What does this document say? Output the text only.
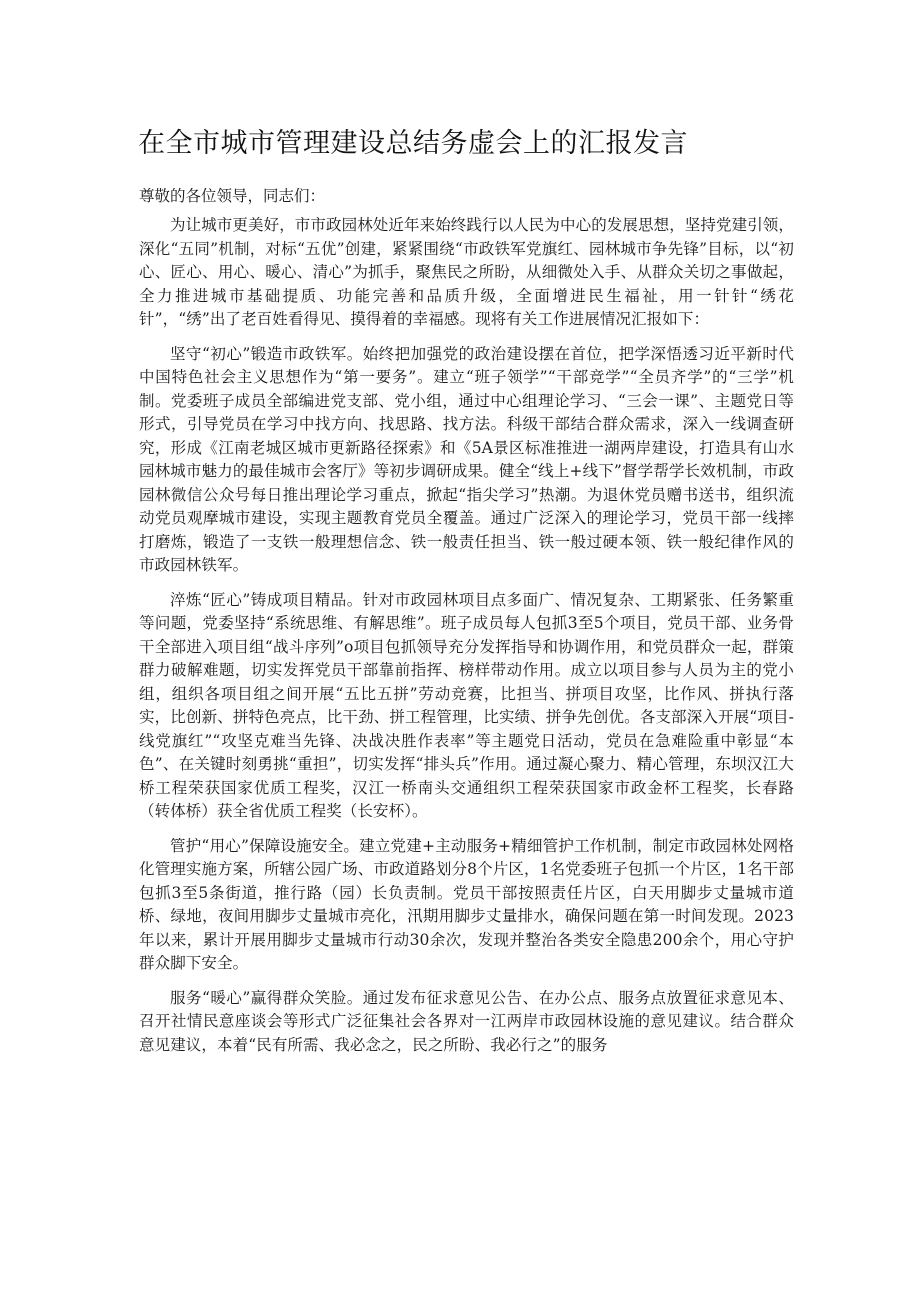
在全市城市管理建设总结务虚会上的汇报发言
尊敬的各位领导，同志们：

为让城市更美好，市市政园林处近年来始终践行以人民为中心的发展思想，坚持党建引领，深化“五同”机制，对标“五优”创建，紧紧围绕“市政铁军党旗红、园林城市争先锋”目标，以“初心、匠心、用心、暖心、清心”为抓手，聚焦民之所盼，从细微处入手、从群众关切之事做起，全力推进城市基础提质、功能完善和品质升级，全面增进民生福祉，用一针针“绣花针”，“绣”出了老百姓看得见、摸得着的幸福感。现将有关工作进展情况汇报如下：

坚守“初心”锻造市政铁军。始终把加强党的政治建设摆在首位，把学深悟透习近平新时代中国特色社会主义思想作为“第一要务”。建立“班子领学”“干部竞学”“全员齐学”的“三学”机制。党委班子成员全部编进党支部、党小组，通过中心组理论学习、“三会一课”、主题党日等形式，引导党员在学习中找方向、找思路、找方法。科级干部结合群众需求，深入一线调查研究，形成《江南老城区城市更新路径探索》和《5A景区标准推进一湖两岸建设，打造具有山水园林城市魅力的最佳城市会客厅》等初步调研成果。健全“线上+线下”督学帮学长效机制，市政园林微信公众号每日推出理论学习重点，掀起“指尖学习”热潮。为退休党员赠书送书，组织流动党员观摩城市建设，实现主题教育党员全覆盖。通过广泛深入的理论学习，党员干部一线摔打磨炼，锻造了一支铁一般理想信念、铁一般责任担当、铁一般过硬本领、铁一般纪律作风的市政园林铁军。

淬炼“匠心”铸成项目精品。针对市政园林项目点多面广、情况复杂、工期紧张、任务繁重等问题，党委坚持“系统思维、有解思维”。班子成员每人包抓3至5个项目，党员干部、业务骨干全部进入项目组“战斗序列”o项目包抓领导充分发挥指导和协调作用，和党员群众一起，群策群力破解难题，切实发挥党员干部靠前指挥、榜样带动作用。成立以项目参与人员为主的党小组，组织各项目组之间开展“五比五拼”劳动竞赛，比担当、拼项目攻坚，比作风、拼执行落实，比创新、拼特色亮点，比干劲、拼工程管理，比实绩、拼争先创优。各支部深入开展“项目-线党旗红”“攻坚克难当先锋、决战决胜作表率”等主题党日活动，党员在急难险重中彰显“本色”、在关键时刻勇挑“重担”，切实发挥“排头兵”作用。通过凝心聚力、精心管理，东坝汉江大桥工程荣获国家优质工程奖，汉江一桥南头交通组织工程荣获国家市政金杯工程奖，长春路（转体桥）获全省优质工程奖（长安杯）。

管护“用心”保障设施安全。建立党建+主动服务+精细管护工作机制，制定市政园林处网格化管理实施方案，所辖公园广场、市政道路划分8个片区，1名党委班子包抓一个片区，1名干部包抓3至5条街道，推行路（园）长负责制。党员干部按照责任片区，白天用脚步丈量城市道桥、绿地，夜间用脚步丈量城市亮化，汛期用脚步丈量排水，确保问题在第一时间发现。2023年以来，累计开展用脚步丈量城市行动30余次，发现并整治各类安全隐患200余个，用心守护群众脚下安全。

服务“暖心”赢得群众笑脸。通过发布征求意见公告、在办公点、服务点放置征求意见本、召开社情民意座谈会等形式广泛征集社会各界对一江两岸市政园林设施的意见建议。结合群众意见建议，本着“民有所需、我必念之，民之所盼、我必行之”的服务
